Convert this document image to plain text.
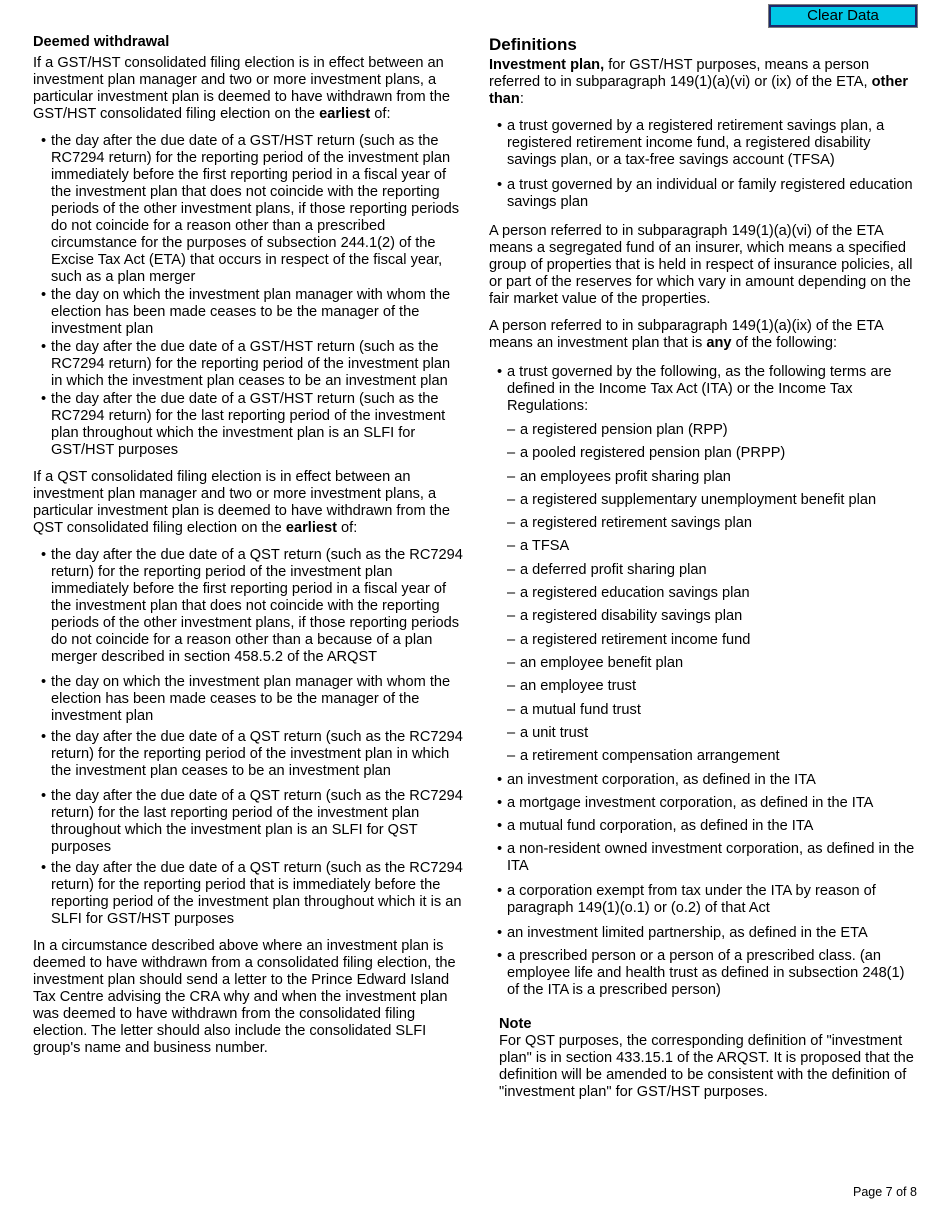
Clear Data

Deemed withdrawal

If a GST/HST consolidated filing election is in effect between an investment plan manager and two or more investment plans, a particular investment plan is deemed to have withdrawn from the GST/HST consolidated filing election on the earliest of:

• the day after the due date of a GST/HST return (such as the RC7294 return) for the reporting period of the investment plan immediately before the first reporting period in a fiscal year of the investment plan that does not coincide with the reporting periods of the other investment plans, if those reporting periods do not coincide for a reason other than a prescribed circumstance for the purposes of subsection 244.1(2) of the Excise Tax Act (ETA) that occurs in respect of the fiscal year, such as a plan merger
• the day on which the investment plan manager with whom the election has been made ceases to be the manager of the investment plan
• the day after the due date of a GST/HST return (such as the RC7294 return) for the reporting period of the investment plan in which the investment plan ceases to be an investment plan
• the day after the due date of a GST/HST return (such as the RC7294 return) for the last reporting period of the investment plan throughout which the investment plan is an SLFI for GST/HST purposes

If a QST consolidated filing election is in effect between an investment plan manager and two or more investment plans, a particular investment plan is deemed to have withdrawn from the QST consolidated filing election on the earliest of:

• the day after the due date of a QST return (such as the RC7294 return) for the reporting period of the investment plan immediately before the first reporting period in a fiscal year of the investment plan that does not coincide with the reporting periods of the other investment plans, if those reporting periods do not coincide for a reason other than a because of a plan merger described in section 458.5.2 of the ARQST
• the day on which the investment plan manager with whom the election has been made ceases to be the manager of the investment plan
• the day after the due date of a QST return (such as the RC7294 return) for the reporting period of the investment plan in which the investment plan ceases to be an investment plan
• the day after the due date of a QST return (such as the RC7294 return) for the last reporting period of the investment plan throughout which the investment plan is an SLFI for QST purposes
• the day after the due date of a QST return (such as the RC7294 return) for the reporting period that is immediately before the reporting period of the investment plan throughout which it is an SLFI for GST/HST purposes

In a circumstance described above where an investment plan is deemed to have withdrawn from a consolidated filing election, the investment plan should send a letter to the Prince Edward Island Tax Centre advising the CRA why and when the investment plan was deemed to have withdrawn from the consolidated filing election. The letter should also include the consolidated SLFI group's name and business number.

Definitions

Investment plan, for GST/HST purposes, means a person referred to in subparagraph 149(1)(a)(vi) or (ix) of the ETA, other than:

• a trust governed by a registered retirement savings plan, a registered retirement income fund, a registered disability savings plan, or a tax-free savings account (TFSA)
• a trust governed by an individual or family registered education savings plan

A person referred to in subparagraph 149(1)(a)(vi) of the ETA means a segregated fund of an insurer, which means a specified group of properties that is held in respect of insurance policies, all or part of the reserves for which vary in amount depending on the fair market value of the properties.

A person referred to in subparagraph 149(1)(a)(ix) of the ETA means an investment plan that is any of the following:

• a trust governed by the following, as the following terms are defined in the Income Tax Act (ITA) or the Income Tax Regulations:
– a registered pension plan (RPP)
– a pooled registered pension plan (PRPP)
– an employees profit sharing plan
– a registered supplementary unemployment benefit plan
– a registered retirement savings plan
– a TFSA
– a deferred profit sharing plan
– a registered education savings plan
– a registered disability savings plan
– a registered retirement income fund
– an employee benefit plan
– an employee trust
– a mutual fund trust
– a unit trust
– a retirement compensation arrangement
• an investment corporation, as defined in the ITA
• a mortgage investment corporation, as defined in the ITA
• a mutual fund corporation, as defined in the ITA
• a non-resident owned investment corporation, as defined in the ITA
• a corporation exempt from tax under the ITA by reason of paragraph 149(1)(o.1) or (o.2) of that Act
• an investment limited partnership, as defined in the ETA
• a prescribed person or a person of a prescribed class. (an employee life and health trust as defined in subsection 248(1) of the ITA is a prescribed person)

Note

For QST purposes, the corresponding definition of "investment plan" is in section 433.15.1 of the ARQST. It is proposed that the definition will be amended to be consistent with the definition of "investment plan" for GST/HST purposes.

Page 7 of 8
